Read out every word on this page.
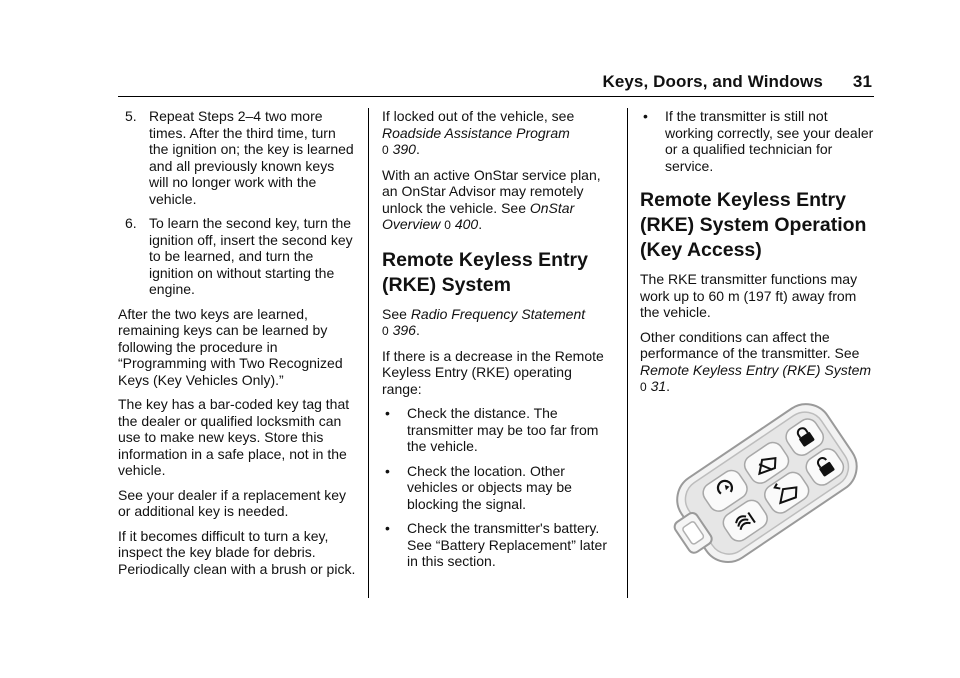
Keys, Doors, and Windows 31
5. Repeat Steps 2–4 two more times. After the third time, turn the ignition on; the key is learned and all previously known keys will no longer work with the vehicle.
6. To learn the second key, turn the ignition off, insert the second key to be learned, and turn the ignition on without starting the engine.

After the two keys are learned, remaining keys can be learned by following the procedure in “Programming with Two Recognized Keys (Key Vehicles Only).”

The key has a bar-coded key tag that the dealer or qualified locksmith can use to make new keys. Store this information in a safe place, not in the vehicle.

See your dealer if a replacement key or additional key is needed.

If it becomes difficult to turn a key, inspect the key blade for debris. Periodically clean with a brush or pick.

If locked out of the vehicle, see Roadside Assistance Program
0 390.

With an active OnStar service plan, an OnStar Advisor may remotely unlock the vehicle. See OnStar Overview 0 400.

Remote Keyless Entry (RKE) System

See Radio Frequency Statement
0 396.

If there is a decrease in the Remote Keyless Entry (RKE) operating range:

•	Check the distance. The transmitter may be too far from the vehicle.
•	Check the location. Other vehicles or objects may be blocking the signal.
•	Check the transmitter's battery. See “Battery Replacement” later in this section.
•	If the transmitter is still not working correctly, see your dealer or a qualified technician for service.
Remote Keyless Entry (RKE) System Operation (Key Access)

The RKE transmitter functions may work up to 60 m (197 ft) away from the vehicle.

Other conditions can affect the performance of the transmitter. See Remote Keyless Entry (RKE) System 0 31.
